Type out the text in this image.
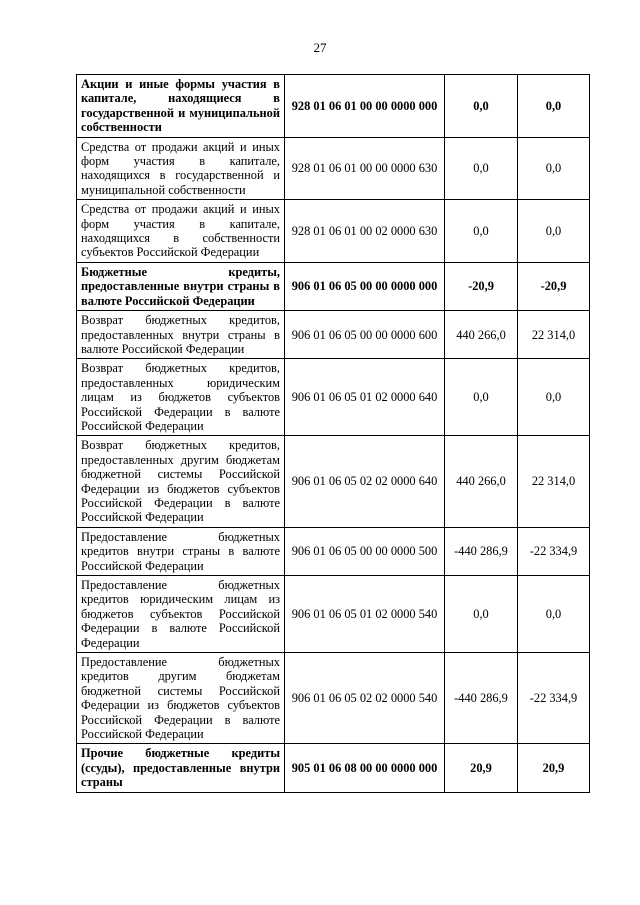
27
Акции и иные формы участия в капитале, находящиеся в государственной и муниципальной собственности	928 01 06 01 00 00 0000 000	0,0	0,0
Средства от продажи акций и иных форм участия в капитале, находящихся в государственной и муниципальной собственности	928 01 06 01 00 00 0000 630	0,0	0,0
Средства от продажи акций и иных форм участия в капитале, находящихся в собственности субъектов Российской Федерации	928 01 06 01 00 02 0000 630	0,0	0,0
Бюджетные кредиты, предоставленные внутри страны в валюте Российской Федерации	906 01 06 05 00 00 0000 000	-20,9	-20,9
Возврат бюджетных кредитов, предоставленных внутри страны в валюте Российской Федерации	906 01 06 05 00 00 0000 600	440 266,0	22 314,0
Возврат бюджетных кредитов, предоставленных юридическим лицам из бюджетов субъектов Российской Федерации в валюте Российской Федерации	906 01 06 05 01 02 0000 640	0,0	0,0
Возврат бюджетных кредитов, предоставленных другим бюджетам бюджетной системы Российской Федерации из бюджетов субъектов Российской Федерации в валюте Российской Федерации	906 01 06 05 02 02 0000 640	440 266,0	22 314,0
Предоставление бюджетных кредитов внутри страны в валюте Российской Федерации	906 01 06 05 00 00 0000 500	-440 286,9	-22 334,9
Предоставление бюджетных кредитов юридическим лицам из бюджетов субъектов Российской Федерации в валюте Российской Федерации	906 01 06 05 01 02 0000 540	0,0	0,0
Предоставление бюджетных кредитов другим бюджетам бюджетной системы Российской Федерации из бюджетов субъектов Российской Федерации в валюте Российской Федерации	906 01 06 05 02 02 0000 540	-440 286,9	-22 334,9
Прочие бюджетные кредиты (ссуды), предоставленные внутри страны	905 01 06 08 00 00 0000 000	20,9	20,9
